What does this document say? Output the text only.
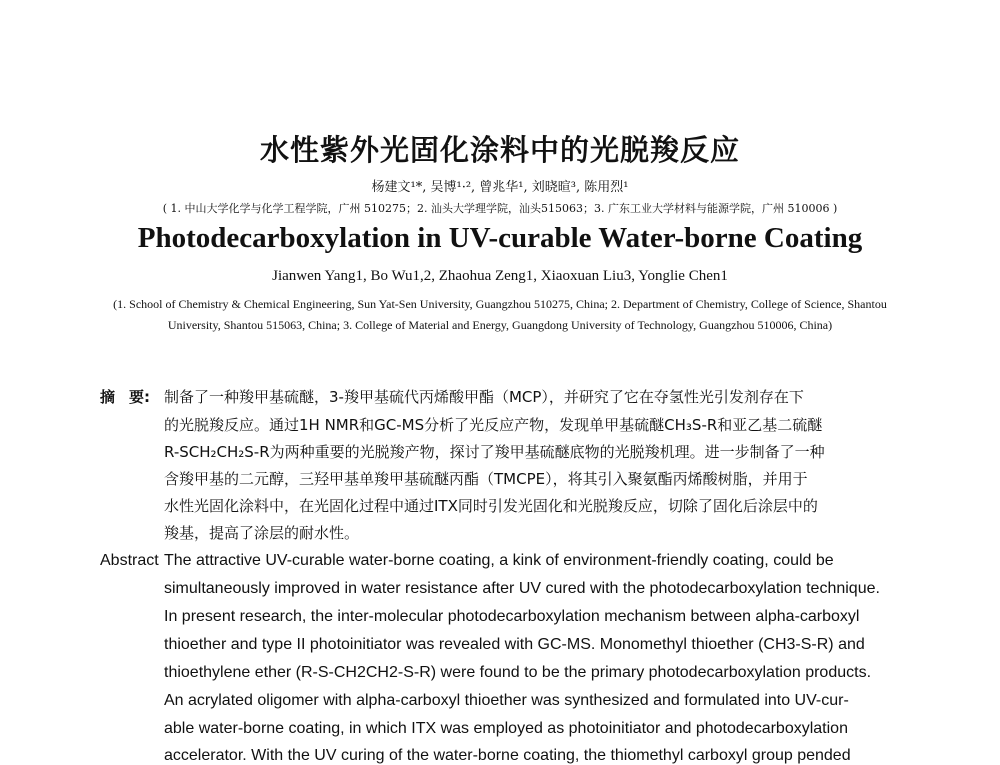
水性紫外光固化涂料中的光脱羧反应
杨建文¹*, 吴博¹·², 曾兆华¹, 刘晓暄³, 陈用烈¹
( 1. 中山大学化学与化学工程学院，广州 510275；2. 汕头大学理学院，汕头515063；3. 广东工业大学材料与能源学院，广州 510006 )
Photodecarboxylation in UV-curable Water-borne Coating
Jianwen Yang1, Bo Wu1,2, Zhaohua Zeng1, Xiaoxuan Liu3, Yonglie Chen1
(1. School of Chemistry & Chemical Engineering, Sun Yat-Sen University, Guangzhou 510275, China; 2. Department of Chemistry, College of Science, Shantou University, Shantou 515063, China; 3. College of Material and Energy, Guangdong University of Technology, Guangzhou 510006, China)
摘 要: 制备了一种羧甲基硫醚，3-羧甲基硫代丙烯酸甲酯（MCP），并研究了它在夺氢性光引发剂存在下
的光脱羧反应。通过1H NMR和GC-MS分析了光反应产物，发现单甲基硫醚CH₃S-R和亚乙基二硫醚
R-SCH₂CH₂S-R为两种重要的光脱羧产物，探讨了羧甲基硫醚底物的光脱羧机理。进一步制备了一种
含羧甲基的二元醇，三羟甲基单羧甲基硫醚丙酯（TMCPE），将其引入聚氨酯丙烯酸树脂，并用于
水性光固化涂料中，在光固化过程中通过ITX同时引发光固化和光脱羧反应，切除了固化后涂层中的
羧基，提高了涂层的耐水性。
Abstract The attractive UV-curable water-borne coating, a kink of environment-friendly coating, could be
simultaneously improved in water resistance after UV cured with the photodecarboxylation technique.
In present research, the inter-molecular photodecarboxylation mechanism between alpha-carboxyl
thioether and type II photoinitiator was revealed with GC-MS. Monomethyl thioether (CH3-S-R) and
thioethylene ether (R-S-CH2CH2-S-R) were found to be the primary photodecarboxylation products.
An acrylated oligomer with alpha-carboxyl thioether was synthesized and formulated into UV-cur-
able water-borne coating, in which ITX was employed as photoinitiator and photodecarboxylation
accelerator. With the UV curing of the water-borne coating, the thiomethyl carboxyl group pended
